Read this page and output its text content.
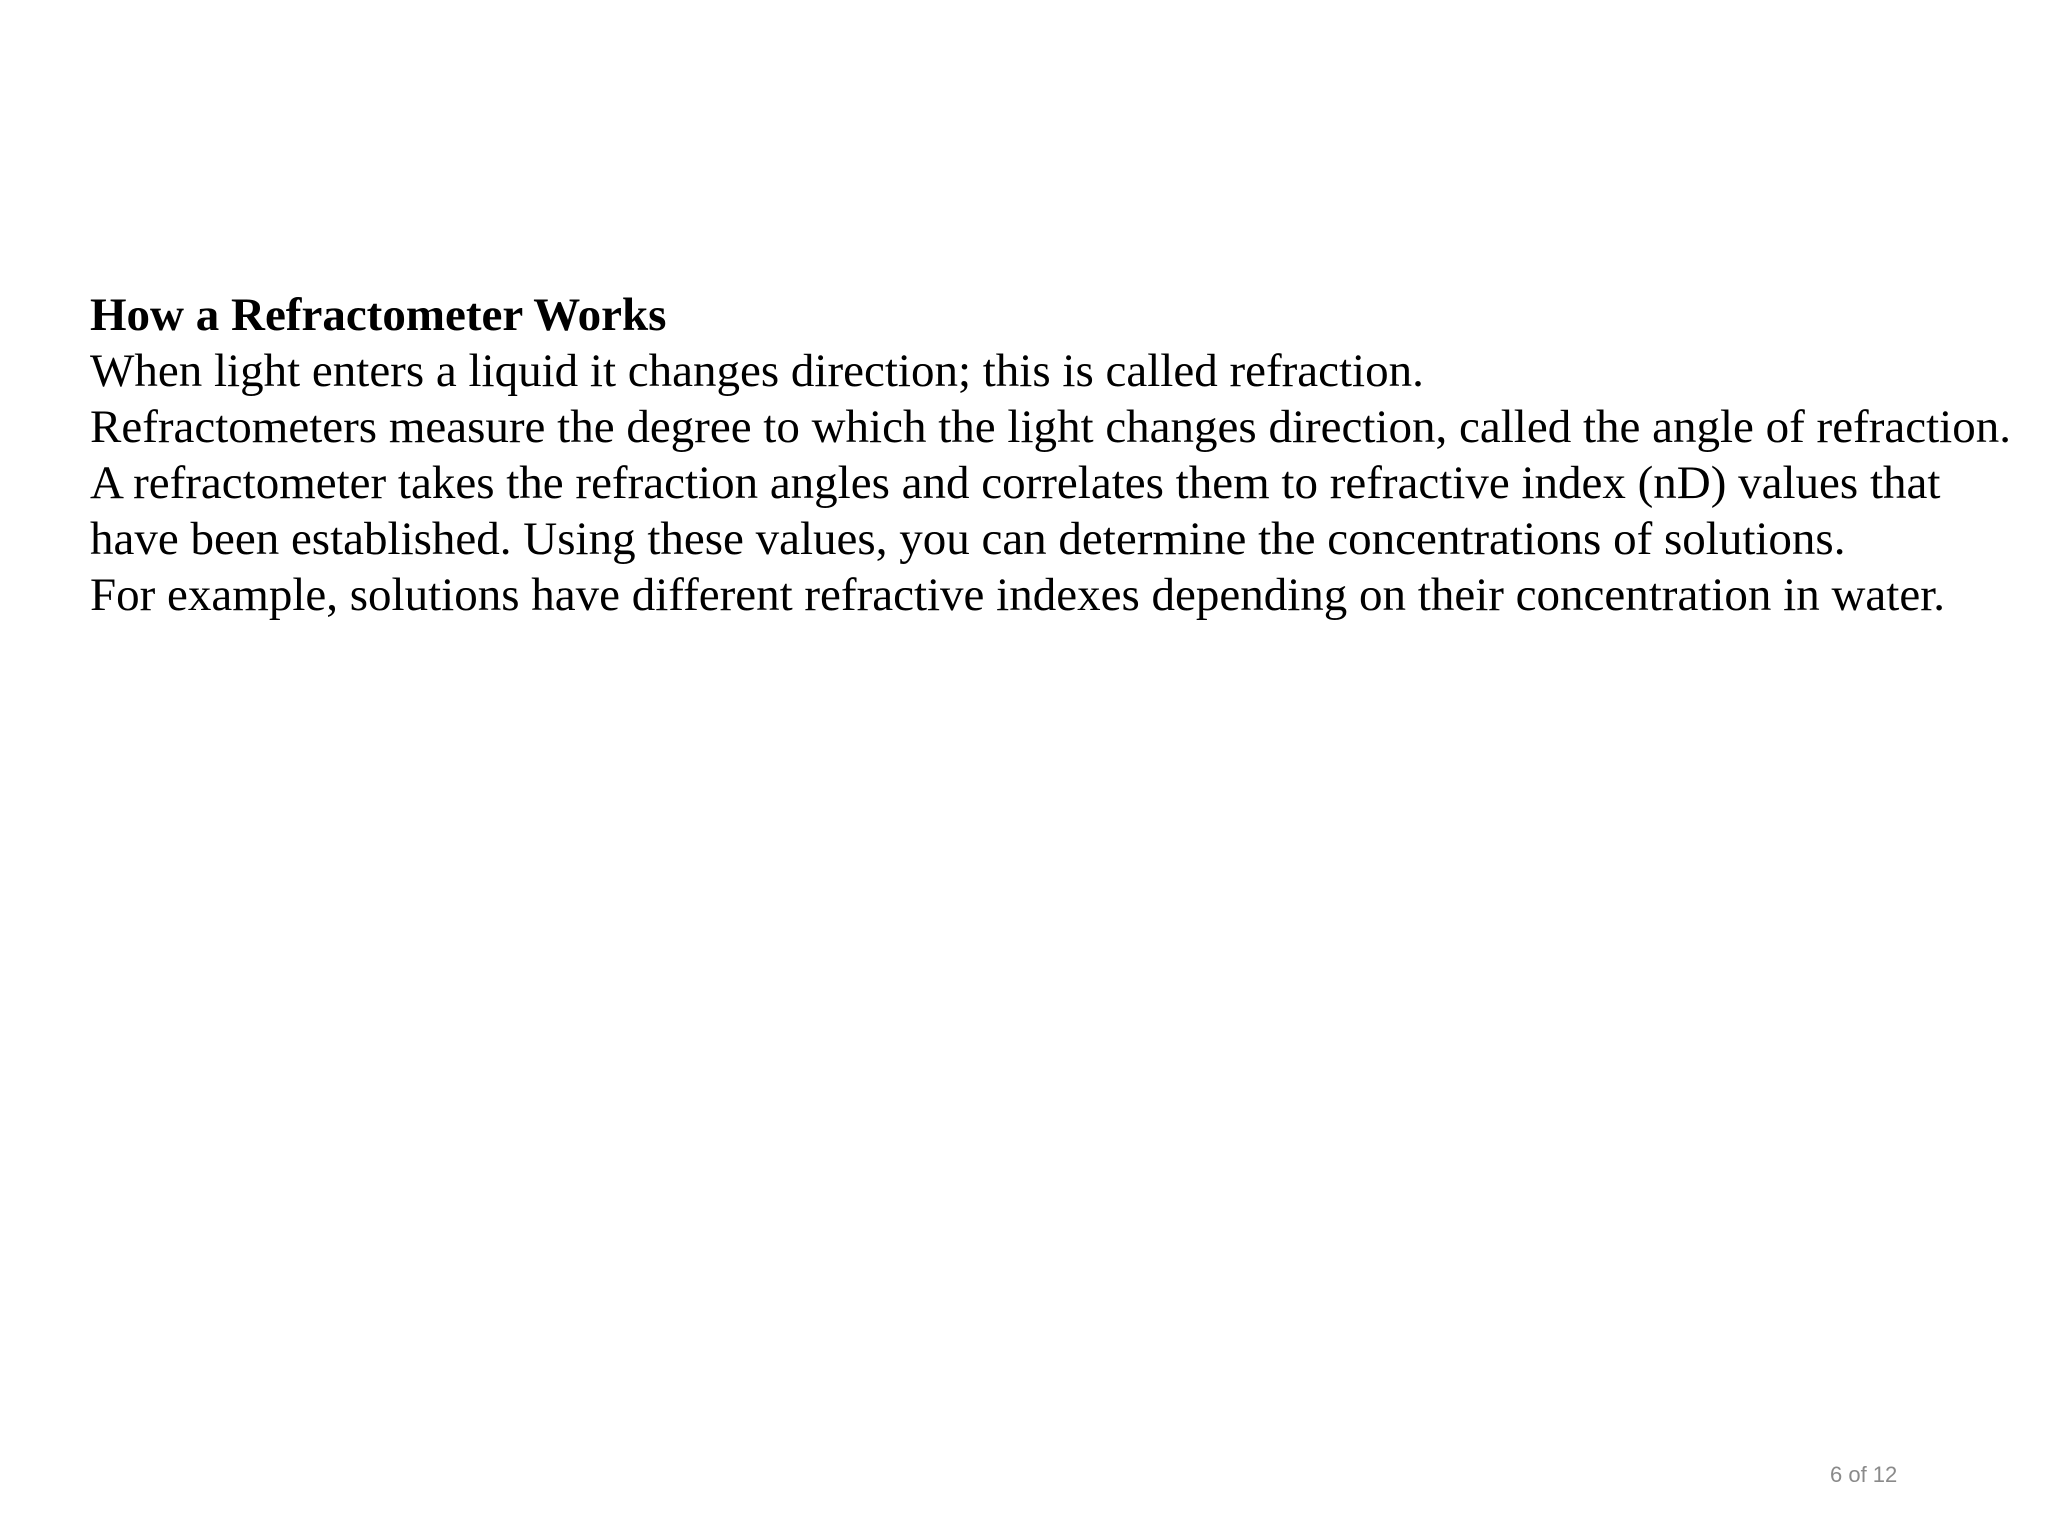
How a Refractometer Works

When light enters a liquid it changes direction; this is called refraction.

Refractometers measure the degree to which the light changes direction, called the angle of refraction. A refractometer takes the refraction angles and correlates them to refractive index (nD) values that have been established. Using these values, you can determine the concentrations of solutions.

For example, solutions have different refractive indexes depending on their concentration in water.

6 of 12
